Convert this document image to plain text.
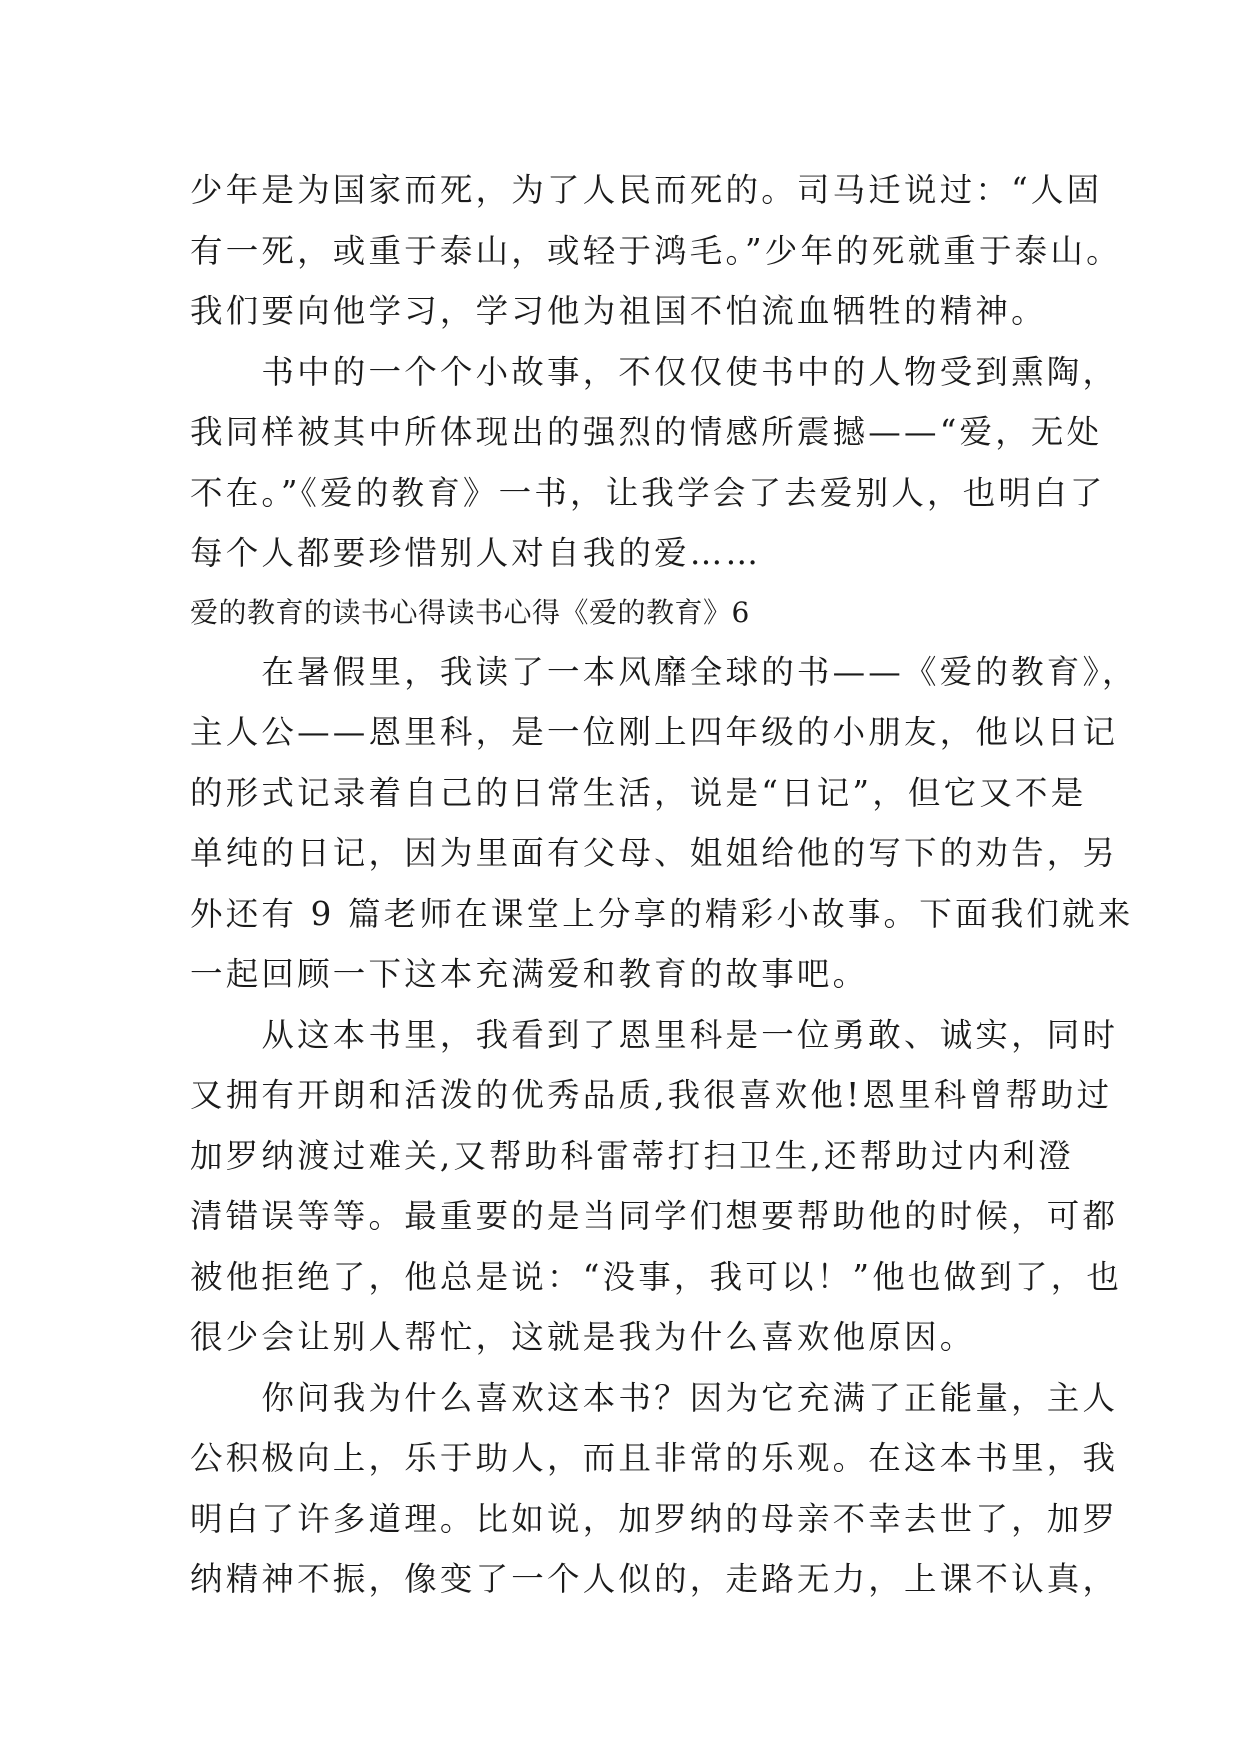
少年是为国家而死，为了人民而死的。司马迁说过：“人固
有一死，或重于泰山，或轻于鸿毛。”少年的死就重于泰山。
我们要向他学习，学习他为祖国不怕流血牺牲的精神。
　　书中的一个个小故事，不仅仅使书中的人物受到熏陶，
我同样被其中所体现出的强烈的情感所震撼——“爱，无处
不在。”《爱的教育》一书，让我学会了去爱别人，也明白了
每个人都要珍惜别人对自我的爱……
爱的教育的读书心得读书心得《爱的教育》6
　　在暑假里，我读了一本风靡全球的书——《爱的教育》，
主人公——恩里科，是一位刚上四年级的小朋友，他以日记
的形式记录着自己的日常生活，说是“日记”，但它又不是
单纯的日记，因为里面有父母、姐姐给他的写下的劝告，另
外还有 9 篇老师在课堂上分享的精彩小故事。下面我们就来
一起回顾一下这本充满爱和教育的故事吧。
　　从这本书里，我看到了恩里科是一位勇敢、诚实，同时
又拥有开朗和活泼的优秀品质,我很喜欢他!恩里科曾帮助过
加罗纳渡过难关,又帮助科雷蒂打扫卫生,还帮助过内利澄
清错误等等。最重要的是当同学们想要帮助他的时候，可都
被他拒绝了，他总是说：“没事，我可以！”他也做到了，也
很少会让别人帮忙，这就是我为什么喜欢他原因。
　　你问我为什么喜欢这本书？因为它充满了正能量，主人
公积极向上，乐于助人，而且非常的乐观。在这本书里，我
明白了许多道理。比如说，加罗纳的母亲不幸去世了，加罗
纳精神不振，像变了一个人似的，走路无力，上课不认真，
